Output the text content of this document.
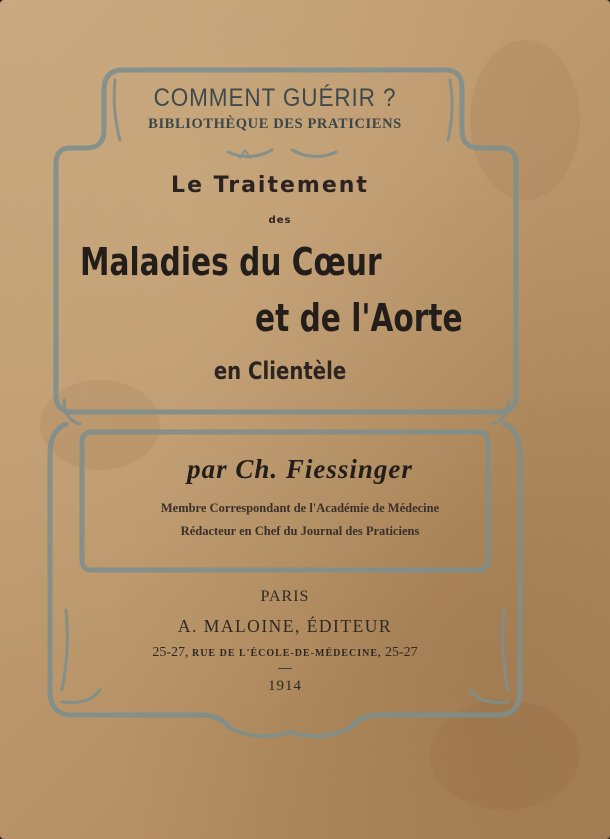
COMMENT GUÉRIR ?
BIBLIOTHÈQUE DES PRATICIENS
Le Traitement
des
Maladies du Cœur
et de l'Aorte
en Clientèle
par Ch. Fiessinger
Membre Correspondant de l'Académie de Médecine
Rédacteur en Chef du Journal des Praticiens
PARIS
A. MALOINE, ÉDITEUR
25-27, RUE DE L'ÉCOLE-DE-MÉDECINE, 25-27
1914
